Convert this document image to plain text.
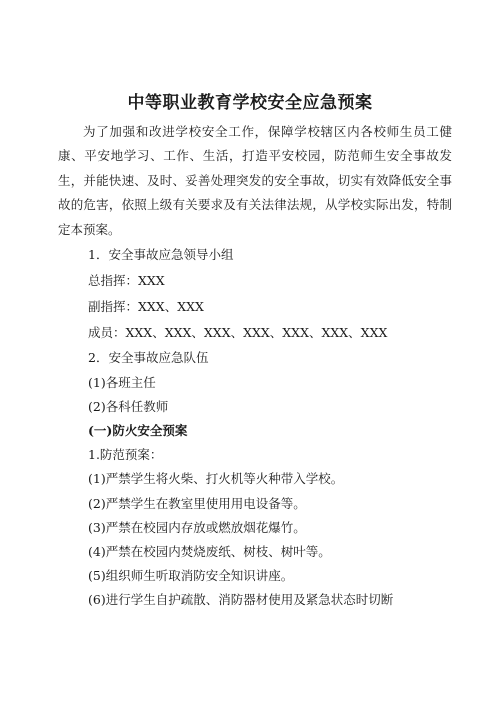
中等职业教育学校安全应急预案
为了加强和改进学校安全工作，保障学校辖区内各校师生员工健康、平安地学习、工作、生活，打造平安校园，防范师生安全事故发生，并能快速、及时、妥善处理突发的安全事故，切实有效降低安全事故的危害，依照上级有关要求及有关法律法规，从学校实际出发，特制定本预案。
1．安全事故应急领导小组
总指挥：XXX
副指挥：XXX、XXX
成员：XXX、XXX、XXX、XXX、XXX、XXX、XXX
2．安全事故应急队伍
(1)各班主任
(2)各科任教师
(一)防火安全预案
1.防范预案：
(1)严禁学生将火柴、打火机等火种带入学校。
(2)严禁学生在教室里使用用电设备等。
(3)严禁在校园内存放或燃放烟花爆竹。
(4)严禁在校园内焚烧废纸、树枝、树叶等。
(5)组织师生听取消防安全知识讲座。
(6)进行学生自护疏散、消防器材使用及紧急状态时切断
